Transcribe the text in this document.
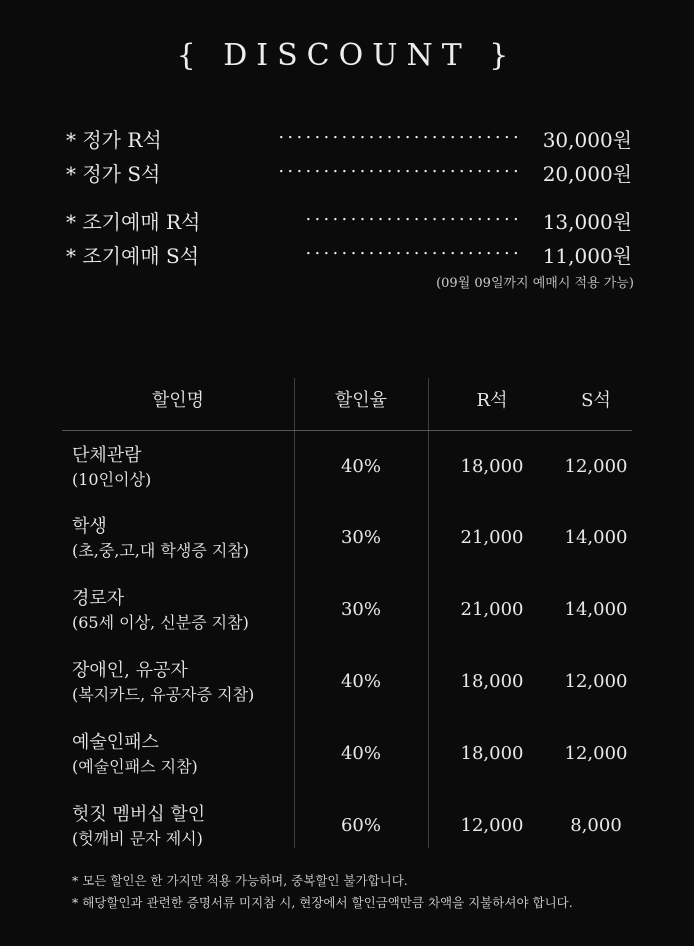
{ DISCOUNT }
* 정가 R석	........................... 30,000원
* 정가 S석	........................... 20,000원
* 조기예매 R석	........................ 13,000원
* 조기예매 S석	........................ 11,000원
(09월 09일까지 예매시 적용 가능)
할인명	할인율	R석	S석
단체관람
(10인이상)
40%	18,000	12,000
학생
(초,중,고,대 학생증 지참)
30%	21,000	14,000
경로자
(65세 이상, 신분증 지참)
30%	21,000	14,000
장애인, 유공자
(복지카드, 유공자증 지참)
40%	18,000	12,000
예술인패스
(예술인패스 지참)
40%	18,000	12,000
헛짓 멤버십 할인
(헛깨비 문자 제시)
60%	12,000	8,000
* 모든 할인은 한 가지만 적용 가능하며, 중복할인 불가합니다.
* 해당할인과 관련한 증명서류 미지참 시, 현장에서 할인금액만큼 차액을 지불하셔야 합니다.
